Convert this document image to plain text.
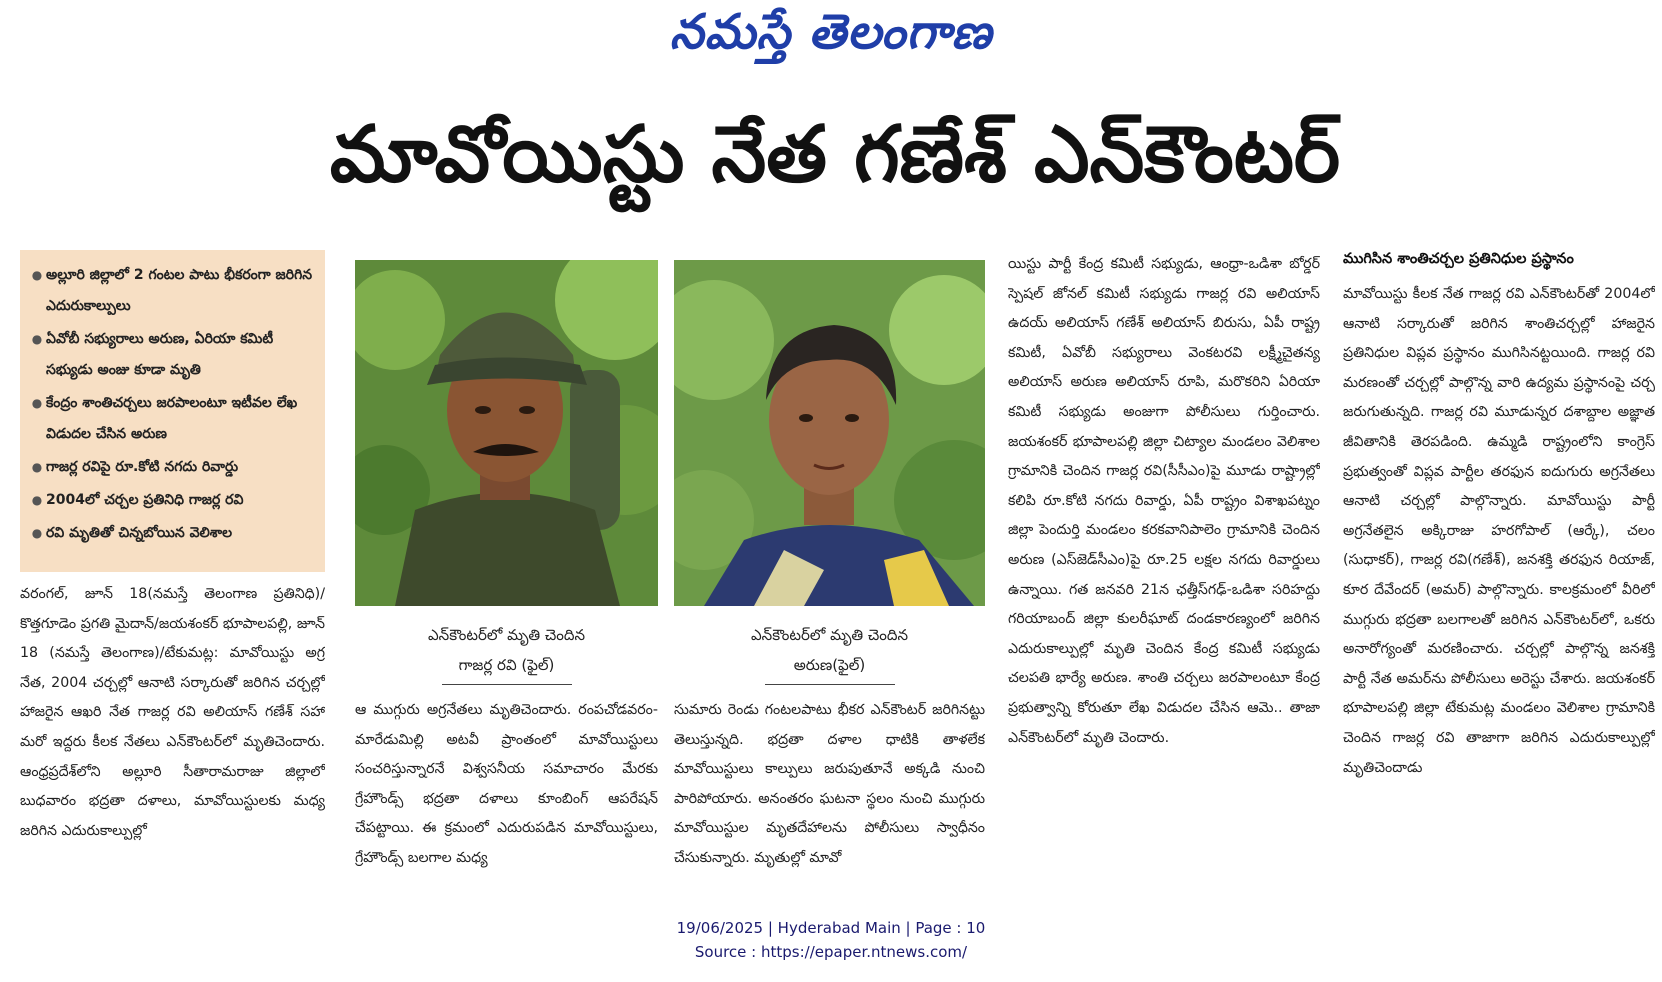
నమస్తే తెలంగాణ
మావోయిస్టు నేత గణేశ్ ఎన్‌కౌంటర్
● అల్లూరి జిల్లాలో 2 గంటల పాటు భీకరంగా జరిగిన ఎదురుకాల్పులు
● ఏవోబీ సభ్యురాలు అరుణ, ఏరియా కమిటీ సభ్యుడు అంజు కూడా మృతి
● కేంద్రం శాంతిచర్చలు జరపాలంటూ ఇటీవల లేఖ విడుదల చేసిన అరుణ
● గాజర్ల రవిపై రూ.కోటి నగదు రివార్డు
● 2004లో చర్చల ప్రతినిధి గాజర్ల రవి
● రవి మృతితో చిన్నబోయిన వెలిశాల
ఎన్‌కౌంటర్‌లో మృతి చెందిన
గాజర్ల రవి (ఫైల్)
ఎన్‌కౌంటర్‌లో మృతి చెందిన
అరుణ(ఫైల్)
వరంగల్, జూన్ 18(నమస్తే తెలంగాణ ప్రతినిధి)/కొత్తగూడెం ప్రగతి మైదాన్/జయశంకర్ భూపాలపల్లి, జూన్ 18 (నమస్తే తెలంగాణ)/టేకుమట్ల: మావోయిస్టు అగ్ర నేత, 2004 చర్చల్లో ఆనాటి సర్కారుతో జరిగిన చర్చల్లో హాజరైన ఆఖరి నేత గాజర్ల రవి అలియాస్ గణేశ్ సహా మరో ఇద్దరు కీలక నేతలు ఎన్‌కౌంటర్‌లో మృతిచెందారు. ఆంధ్రప్రదేశ్‌లోని అల్లూరి సీతారామరాజు జిల్లాలో బుధవారం భద్రతా దళాలు, మావోయిస్టులకు మధ్య జరిగిన ఎదురుకాల్పుల్లో
ఆ ముగ్గురు అగ్రనేతలు మృతిచెందారు. రంపచోడవరం-మారేడుమిల్లి అటవీ ప్రాంతంలో మావోయిస్టులు సంచరిస్తున్నారనే విశ్వసనీయ సమాచారం మేరకు గ్రేహౌండ్స్ భద్రతా దళాలు కూంబింగ్ ఆపరేషన్ చేపట్టాయి. ఈ క్రమంలో ఎదురుపడిన మావోయిస్టులు, గ్రేహౌండ్స్ బలగాల మధ్య
సుమారు రెండు గంటలపాటు భీకర ఎన్‌కౌంటర్ జరిగినట్టు తెలుస్తున్నది. భద్రతా దళాల ధాటికి తాళలేక మావోయిస్టులు కాల్పులు జరుపుతూనే అక్కడి నుంచి పారిపోయారు. అనంతరం ఘటనా స్థలం నుంచి ముగ్గురు మావోయిస్టుల మృతదేహాలను పోలీసులు స్వాధీనం చేసుకున్నారు. మృతుల్లో మావో
యిస్టు పార్టీ కేంద్ర కమిటీ సభ్యుడు, ఆంధ్రా-ఒడిశా బోర్డర్ స్పెషల్ జోనల్ కమిటీ సభ్యుడు గాజర్ల రవి అలియాస్ ఉదయ్ అలియాస్ గణేశ్ అలియాస్ బిరుసు, ఏపీ రాష్ట్ర కమిటీ, ఏవోబీ సభ్యురాలు వెంకటరవి లక్ష్మీచైతన్య అలియాస్ అరుణ అలియాస్ రూపి, మరొకరిని ఏరియా కమిటీ సభ్యుడు అంజుగా పోలీసులు గుర్తించారు. జయశంకర్ భూపాలపల్లి జిల్లా చిట్యాల మండలం వెలిశాల గ్రామానికి చెందిన గాజర్ల రవి(సీసీఎం)పై మూడు రాష్ట్రాల్లో కలిపి రూ.కోటి నగదు రివార్డు, ఏపీ రాష్ట్రం విశాఖపట్నం జిల్లా పెందుర్తి మండలం కరకవానిపాలెం గ్రామానికి చెందిన అరుణ (ఎస్‌జెడ్‌సీఎం)పై రూ.25 లక్షల నగదు రివార్డులు ఉన్నాయి. గత జనవరి 21న ఛత్తీస్‌గఢ్-ఒడిశా సరిహద్దు గరియాబంద్ జిల్లా కులరీఘాట్ దండకారణ్యంలో జరిగిన ఎదురుకాల్పుల్లో మృతి చెందిన కేంద్ర కమిటీ సభ్యుడు చలపతి భార్యే అరుణ. శాంతి చర్చలు జరపాలంటూ కేంద్ర ప్రభుత్వాన్ని కోరుతూ లేఖ విడుదల చేసిన ఆమె.. తాజా ఎన్‌కౌంటర్‌లో మృతి చెందారు.
ముగిసిన శాంతిచర్చల ప్రతినిధుల ప్రస్థానం
మావోయిస్టు కీలక నేత గాజర్ల రవి ఎన్‌కౌంటర్‌తో 2004లో ఆనాటి సర్కారుతో జరిగిన శాంతిచర్చల్లో హాజరైన ప్రతినిధుల విప్లవ ప్రస్థానం ముగిసినట్టయింది. గాజర్ల రవి మరణంతో చర్చల్లో పాల్గొన్న వారి ఉద్యమ ప్రస్థానంపై చర్చ జరుగుతున్నది. గాజర్ల రవి మూడున్నర దశాబ్దాల అజ్ఞాత జీవితానికి తెరపడింది. ఉమ్మడి రాష్ట్రంలోని కాంగ్రెస్ ప్రభుత్వంతో విప్లవ పార్టీల తరఫున ఐదుగురు అగ్రనేతలు ఆనాటి చర్చల్లో పాల్గొన్నారు. మావోయిస్టు పార్టీ అగ్రనేతలైన అక్కిరాజు హరగోపాల్ (ఆర్కే), చలం (సుధాకర్), గాజర్ల రవి(గణేశ్), జనశక్తి తరఫున రియాజ్, కూర దేవేందర్ (అమర్) పాల్గొన్నారు. కాలక్రమంలో వీరిలో ముగ్గురు భద్రతా బలగాలతో జరిగిన ఎన్‌కౌంటర్‌లో, ఒకరు అనారోగ్యంతో మరణించారు. చర్చల్లో పాల్గొన్న జనశక్తి పార్టీ నేత అమర్‌ను పోలీసులు అరెస్టు చేశారు. జయశంకర్ భూపాలపల్లి జిల్లా టేకుమట్ల మండలం వెలిశాల గ్రామానికి చెందిన గాజర్ల రవి తాజాగా జరిగిన ఎదురుకాల్పుల్లో మృతిచెందాడు
19/06/2025 | Hyderabad Main | Page : 10
Source : https://epaper.ntnews.com/
